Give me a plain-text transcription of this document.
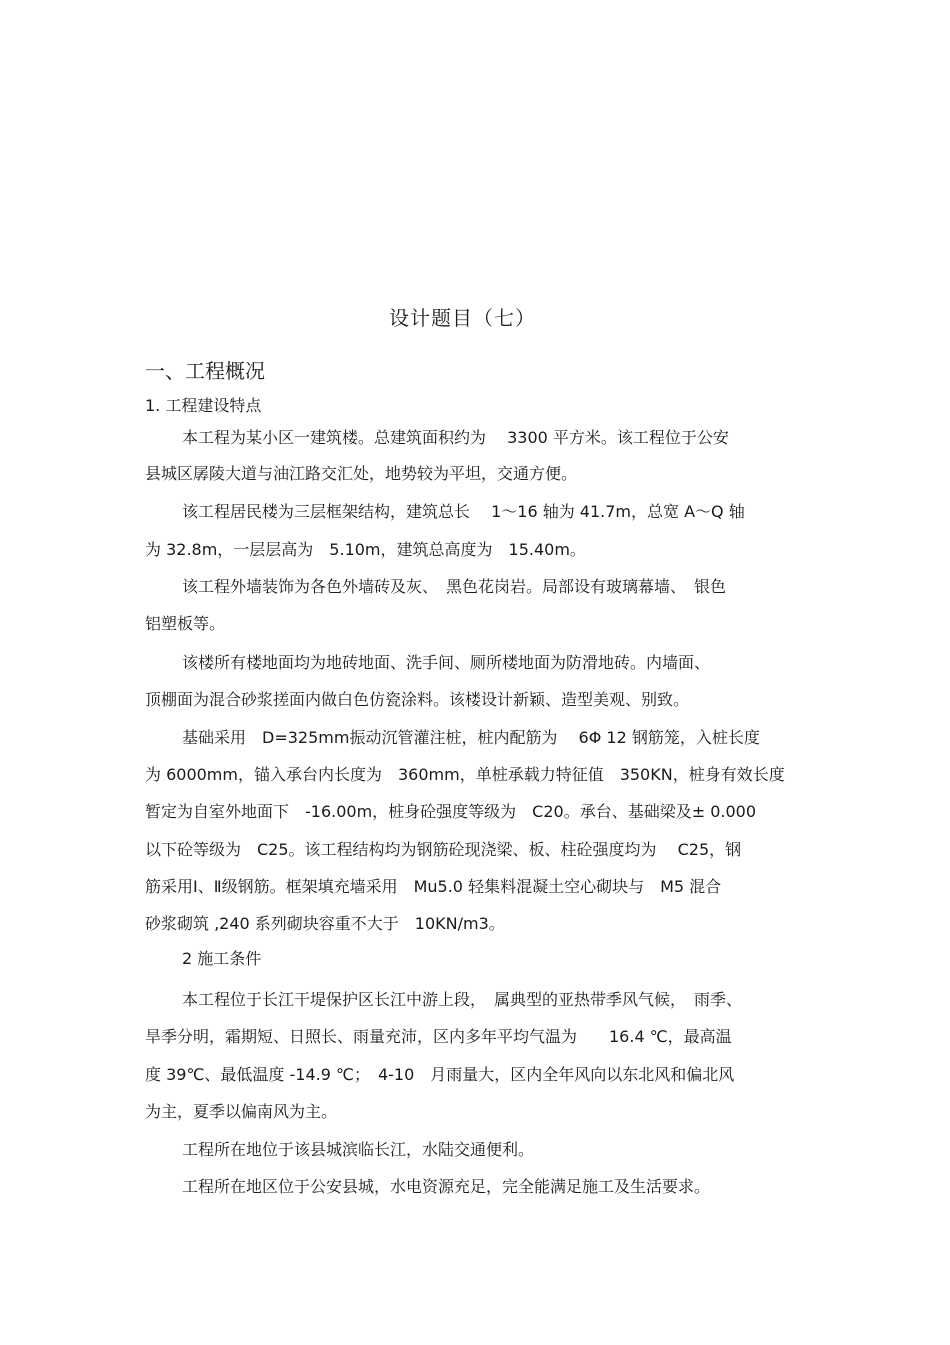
设计题目（七）
一、工程概况
1. 工程建设特点
本工程为某小区一建筑楼。总建筑面积约为　 3300 平方米。该工程位于公安
县城区孱陵大道与油江路交汇处，地势较为平坦，交通方便。
该工程居民楼为三层框架结构，建筑总长　 1～16 轴为 41.7m，总宽 A～Q 轴
为 32.8m，一层层高为　5.10m，建筑总高度为　15.40m。
该工程外墙装饰为各色外墙砖及灰、　黑色花岗岩。局部设有玻璃幕墙、　银色
铝塑板等。
该楼所有楼地面均为地砖地面、洗手间、厕所楼地面为防滑地砖。内墙面、
顶棚面为混合砂浆搓面内做白色仿瓷涂料。该楼设计新颖、造型美观、别致。
基础采用　D=325mm振动沉管灌注桩，桩内配筋为　 6Φ 12 钢筋笼，入桩长度
为 6000mm，锚入承台内长度为　360mm，单桩承载力特征值　350KN，桩身有效长度
暂定为自室外地面下　-16.00m，桩身砼强度等级为　C20。承台、基础梁及± 0.000
以下砼等级为　C25。该工程结构均为钢筋砼现浇梁、板、柱砼强度均为　 C25，钢
筋采用Ⅰ、Ⅱ级钢筋。框架填充墙采用　Mu5.0 轻集料混凝土空心砌块与　M5 混合
砂浆砌筑 ,240 系列砌块容重不大于　10KN/m3。
2 施工条件
本工程位于长江干堤保护区长江中游上段，　属典型的亚热带季风气候，　雨季、
旱季分明，霜期短、日照长、雨量充沛，区内多年平均气温为　　16.4 ℃，最高温
度 39℃、最低温度 -14.9 ℃；　4-10　月雨量大，区内全年风向以东北风和偏北风
为主，夏季以偏南风为主。
工程所在地位于该县城滨临长江，水陆交通便利。
工程所在地区位于公安县城，水电资源充足，完全能满足施工及生活要求。
